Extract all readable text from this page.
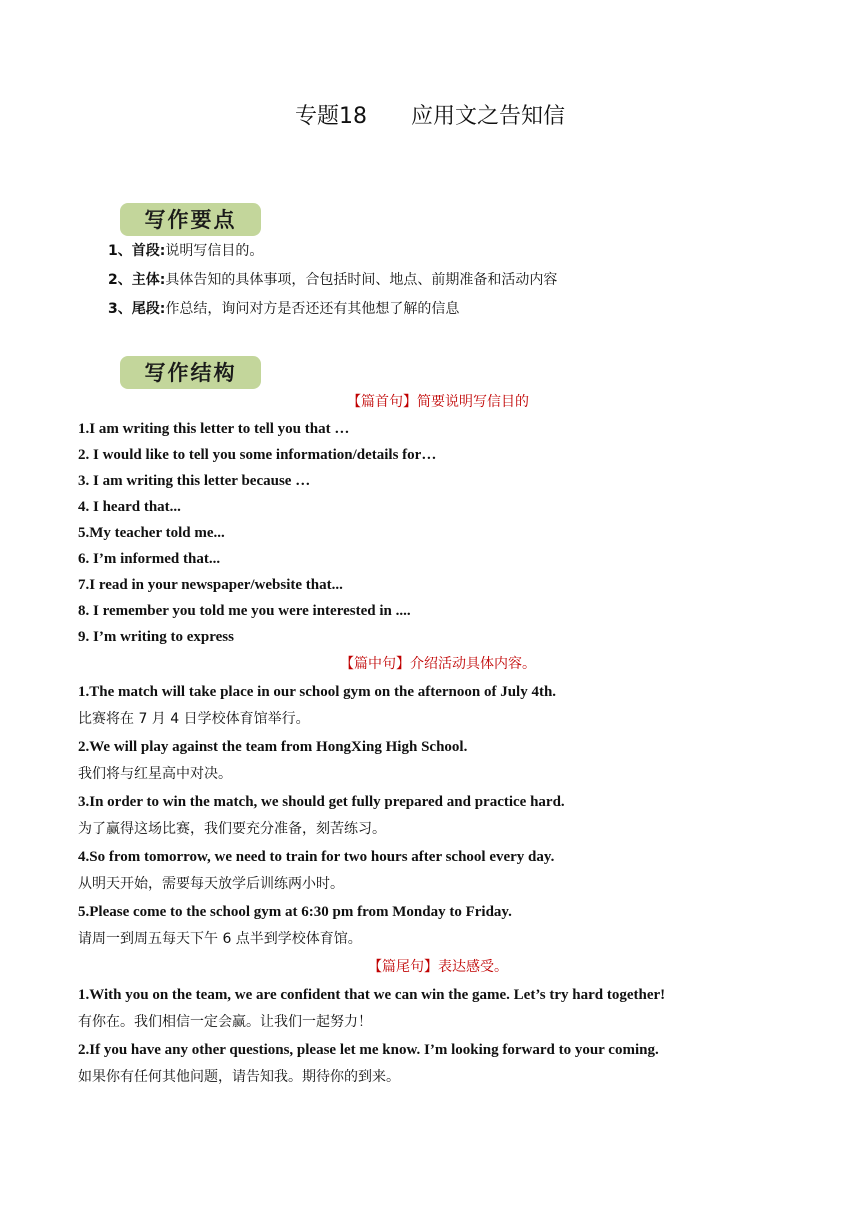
专题18　　应用文之告知信
写作要点
1、首段:说明写信目的。
2、主体:具体告知的具体事项，合包括时间、地点、前期准备和活动内容
3、尾段:作总结，询问对方是否还还有其他想了解的信息
写作结构
【篇首句】简要说明写信目的
1.I am writing this letter to tell you that …
2. I would like to tell you some information/details for…
3. I am writing this letter because …
4. I heard that...
5.My teacher told me...
6. I’m informed that...
7.I read in your newspaper/website that...
8. I remember you told me you were interested in ....
9. I’m writing to express
【篇中句】介绍活动具体内容。
1.The match will take place in our school gym on the afternoon of July 4th.
比赛将在 7 月 4 日学校体育馆举行。
2.We will play against the team from HongXing High School.
我们将与红星高中对决。
3.In order to win the match, we should get fully prepared and practice hard.
为了赢得这场比赛，我们要充分准备，刻苦练习。
4.So from tomorrow, we need to train for two hours after school every day.
从明天开始，需要每天放学后训练两小时。
5.Please come to the school gym at 6:30 pm from Monday to Friday.
请周一到周五每天下午 6 点半到学校体育馆。
【篇尾句】表达感受。
1.With you on the team, we are confident that we can win the game. Let’s try hard together!
有你在。我们相信一定会赢。让我们一起努力！
2.If you have any other questions, please let me know. I’m looking forward to your coming.
如果你有任何其他问题，请告知我。期待你的到来。
